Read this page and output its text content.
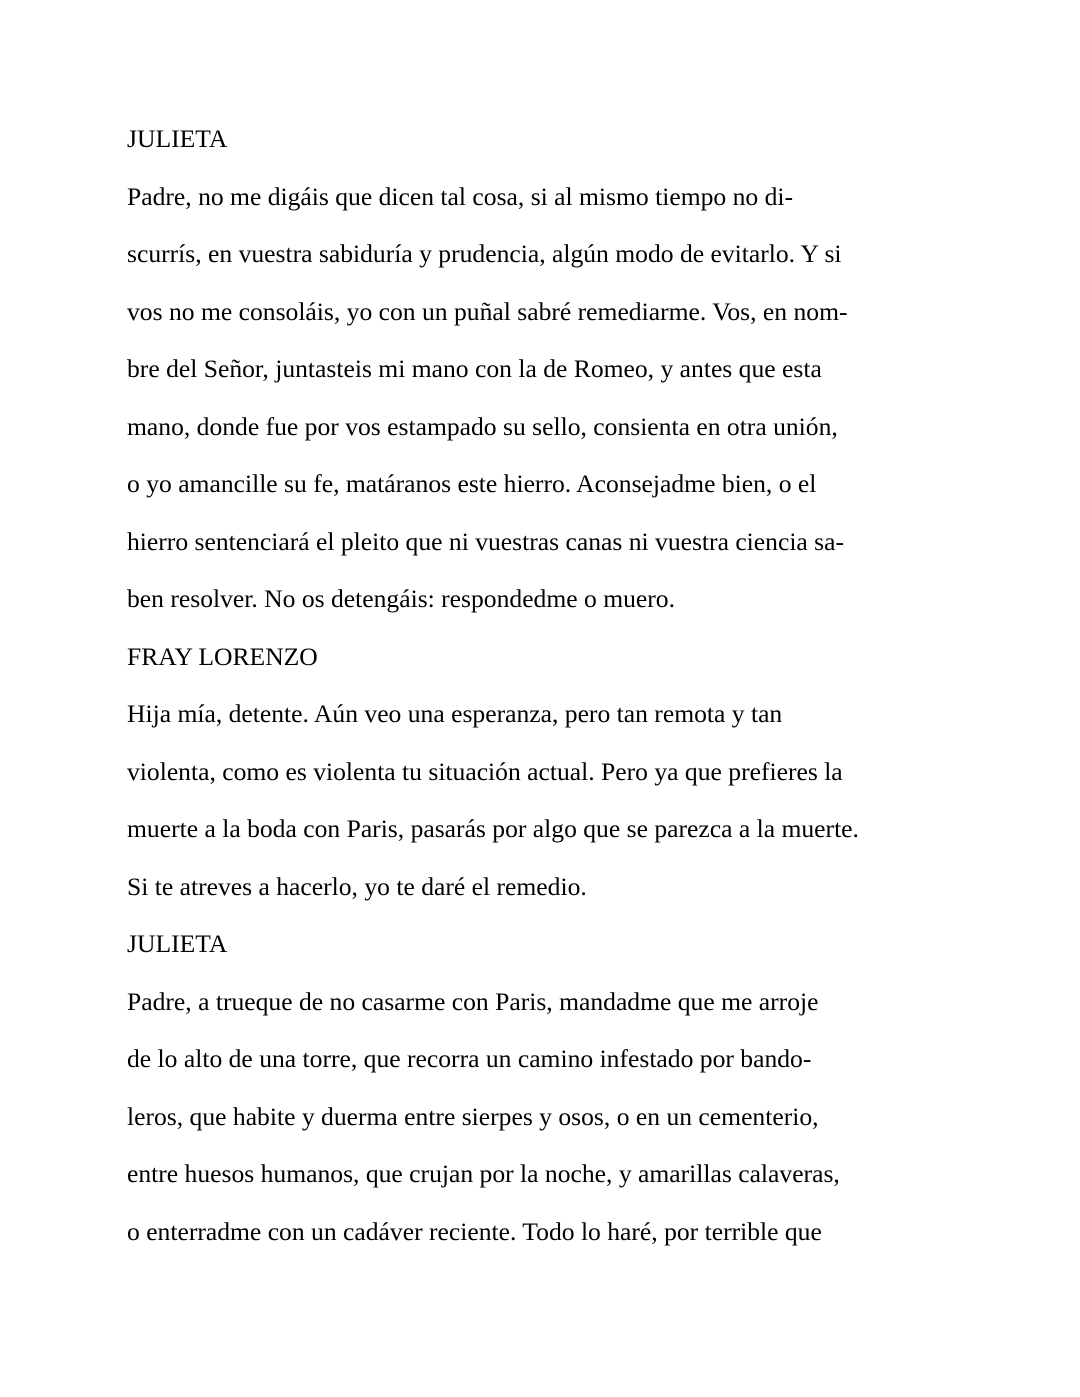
JULIETA
Padre, no me digáis que dicen tal cosa, si al mismo tiempo no di-
scurrís, en vuestra sabiduría y prudencia, algún modo de evitarlo. Y si
vos no me consoláis, yo con un puñal sabré remediarme. Vos, en nom-
bre del Señor, juntasteis mi mano con la de Romeo, y antes que esta
mano, donde fue por vos estampado su sello, consienta en otra unión,
o yo amancille su fe, matáranos este hierro. Aconsejadme bien, o el
hierro sentenciará el pleito que ni vuestras canas ni vuestra ciencia sa-
ben resolver. No os detengáis: respondedme o muero.
FRAY LORENZO
Hija mía, detente. Aún veo una esperanza, pero tan remota y tan
violenta, como es violenta tu situación actual. Pero ya que prefieres la
muerte a la boda con Paris, pasarás por algo que se parezca a la muerte.
Si te atreves a hacerlo, yo te daré el remedio.
JULIETA
Padre, a trueque de no casarme con Paris, mandadme que me arroje
de lo alto de una torre, que recorra un camino infestado por bando-
leros, que habite y duerma entre sierpes y osos, o en un cementerio,
entre huesos humanos, que crujan por la noche, y amarillas calaveras,
o enterradme con un cadáver reciente. Todo lo haré, por terrible que
